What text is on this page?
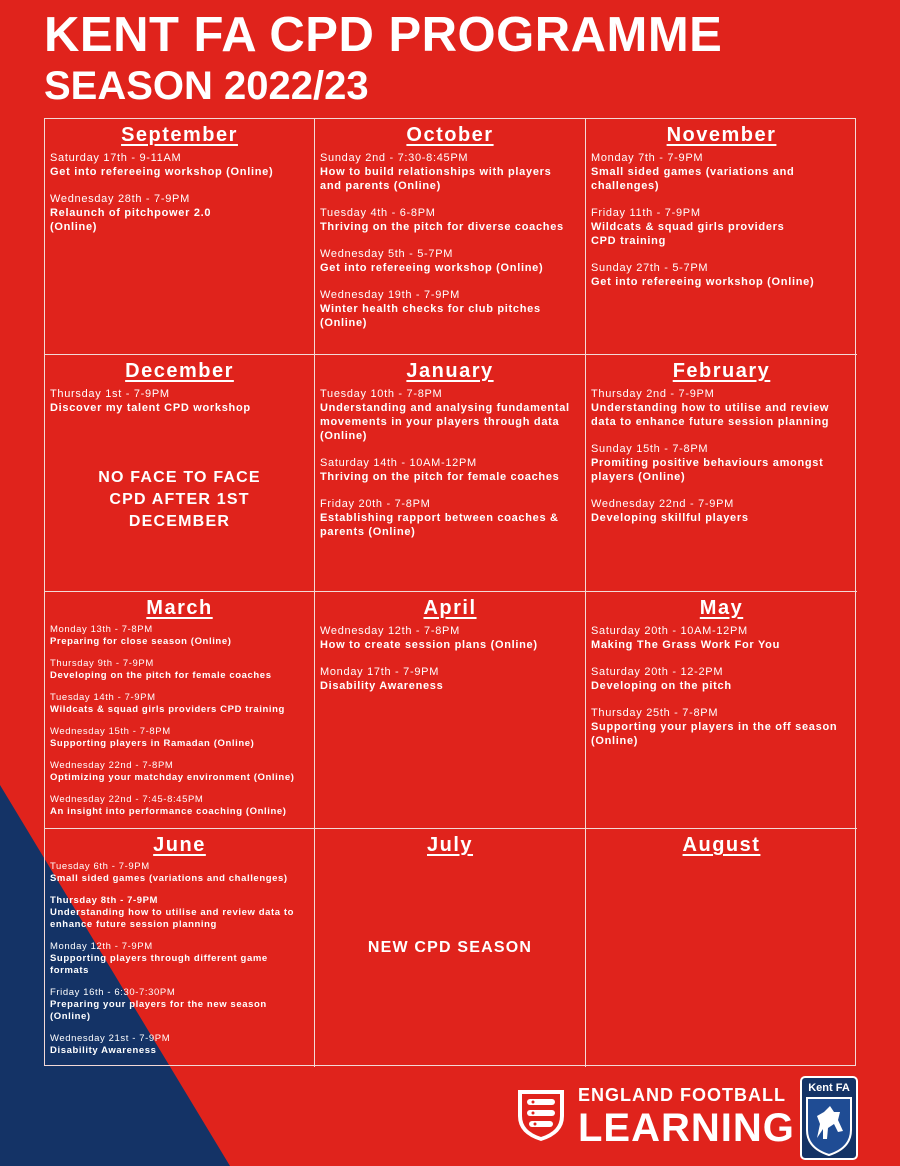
KENT FA CPD PROGRAMME
SEASON 2022/23
September
Saturday 17th - 9-11AM
Get into refereeing workshop (Online)
Wednesday 28th - 7-9PM
Relaunch of pitchpower 2.0
(Online)
October
Sunday 2nd - 7:30-8:45PM
How to build relationships with players
and parents (Online)
Tuesday 4th - 6-8PM
Thriving on the pitch for diverse coaches
Wednesday 5th - 5-7PM
Get into refereeing workshop (Online)
Wednesday 19th - 7-9PM
Winter health checks for club pitches
(Online)
November
Monday 7th - 7-9PM
Small sided games (variations and
challenges)
Friday 11th - 7-9PM
Wildcats & squad girls providers
CPD training
Sunday 27th - 5-7PM
Get into refereeing workshop (Online)
December
Thursday 1st - 7-9PM
Discover my talent CPD workshop
NO FACE TO FACE
CPD AFTER 1ST
DECEMBER
January
Tuesday 10th - 7-8PM
Understanding and analysing fundamental
movements in your players through data
(Online)
Saturday 14th - 10AM-12PM
Thriving on the pitch for female coaches
Friday 20th - 7-8PM
Establishing rapport between coaches &
parents (Online)
February
Thursday 2nd - 7-9PM
Understanding how to utilise and review
data to enhance future session planning
Sunday 15th - 7-8PM
Promiting positive behaviours amongst
players (Online)
Wednesday 22nd - 7-9PM
Developing skillful players
March
Monday 13th - 7-8PM
Preparing for close season (Online)
Thursday 9th - 7-9PM
Developing on the pitch for female coaches
Tuesday 14th - 7-9PM
Wildcats & squad girls providers CPD training
Wednesday 15th - 7-8PM
Supporting players in Ramadan (Online)
Wednesday 22nd - 7-8PM
Optimizing your matchday environment (Online)
Wednesday 22nd - 7:45-8:45PM
An insight into performance coaching (Online)
April
Wednesday 12th - 7-8PM
How to create session plans (Online)
Monday 17th - 7-9PM
Disability Awareness
May
Saturday 20th - 10AM-12PM
Making The Grass Work For You
Saturday 20th - 12-2PM
Developing on the pitch
Thursday 25th - 7-8PM
Supporting your players in the off season
(Online)
June
Tuesday 6th - 7-9PM
Small sided games (variations and challenges)
Thursday 8th - 7-9PM
Understanding how to utilise and review data to
enhance future session planning
Monday 12th - 7-9PM
Supporting players through different game
formats
Friday 16th - 6:30-7:30PM
Preparing your players for the new season
(Online)
Wednesday 21st - 7-9PM
Disability Awareness
July
NEW CPD SEASON
August
ENGLAND FOOTBALL
LEARNING
Kent FA
